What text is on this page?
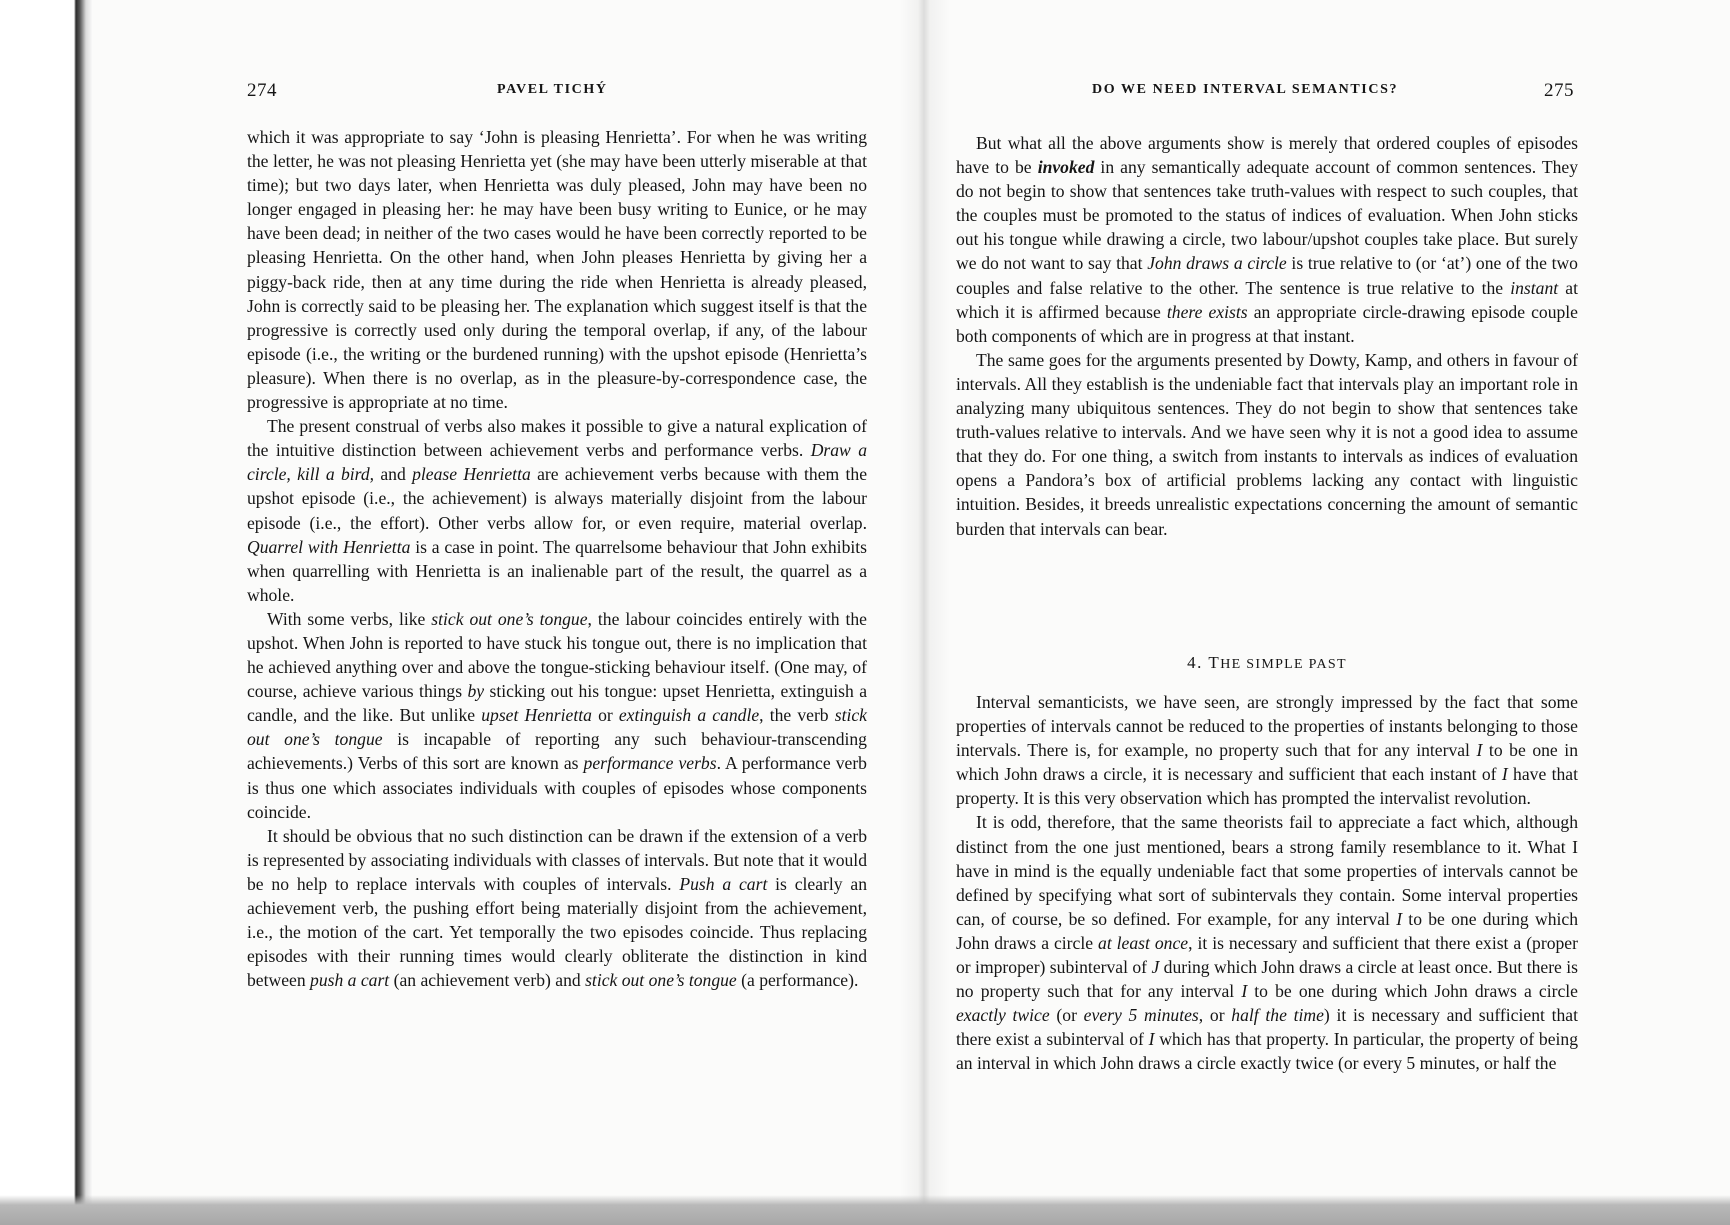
274	PAVEL TICHÝ

which it was appropriate to say ‘John is pleasing Henrietta’. For when he was writing the letter, he was not pleasing Henrietta yet (she may have been utterly miserable at that time); but two days later, when Henrietta was duly pleased, John may have been no longer engaged in pleasing her: he may have been busy writing to Eunice, or he may have been dead; in neither of the two cases would he have been correctly reported to be pleasing Henrietta. On the other hand, when John pleases Henrietta by giving her a piggy-back ride, then at any time during the ride when Henrietta is already pleased, John is correctly said to be pleasing her. The explanation which suggest itself is that the progressive is correctly used only during the temporal overlap, if any, of the labour episode (i.e., the writing or the burdened running) with the upshot episode (Henrietta’s pleasure). When there is no overlap, as in the pleasure-by-correspondence case, the progressive is appropriate at no time.

The present construal of verbs also makes it possible to give a natural explication of the intuitive distinction between achievement verbs and performance verbs. Draw a circle, kill a bird, and please Henrietta are achievement verbs because with them the upshot episode (i.e., the achievement) is always materially disjoint from the labour episode (i.e., the effort). Other verbs allow for, or even require, material overlap. Quarrel with Henrietta is a case in point. The quarrelsome behaviour that John exhibits when quarrelling with Henrietta is an inalienable part of the result, the quarrel as a whole.

With some verbs, like stick out one’s tongue, the labour coincides entirely with the upshot. When John is reported to have stuck his tongue out, there is no implication that he achieved anything over and above the tongue-sticking behaviour itself. (One may, of course, achieve various things by sticking out his tongue: upset Henrietta, extinguish a candle, and the like. But unlike upset Henrietta or extinguish a candle, the verb stick out one’s tongue is incapable of reporting any such behaviour-transcending achievements.) Verbs of this sort are known as performance verbs. A performance verb is thus one which associates individuals with couples of episodes whose components coincide.

It should be obvious that no such distinction can be drawn if the extension of a verb is represented by associating individuals with classes of intervals. But note that it would be no help to replace intervals with couples of intervals. Push a cart is clearly an achievement verb, the pushing effort being materially disjoint from the achievement, i.e., the motion of the cart. Yet temporally the two episodes coincide. Thus replacing episodes with their running times would clearly obliterate the distinction in kind between push a cart (an achievement verb) and stick out one’s tongue (a performance).

DO WE NEED INTERVAL SEMANTICS?	275

But what all the above arguments show is merely that ordered couples of episodes have to be invoked in any semantically adequate account of common sentences. They do not begin to show that sentences take truth-values with respect to such couples, that the couples must be promoted to the status of indices of evaluation. When John sticks out his tongue while drawing a circle, two labour/upshot couples take place. But surely we do not want to say that John draws a circle is true relative to (or ‘at’) one of the two couples and false relative to the other. The sentence is true relative to the instant at which it is affirmed because there exists an appropriate circle-drawing episode couple both components of which are in progress at that instant.

The same goes for the arguments presented by Dowty, Kamp, and others in favour of intervals. All they establish is the undeniable fact that intervals play an important role in analyzing many ubiquitous sentences. They do not begin to show that sentences take truth-values relative to intervals. And we have seen why it is not a good idea to assume that they do. For one thing, a switch from instants to intervals as indices of evaluation opens a Pandora’s box of artificial problems lacking any contact with linguistic intuition. Besides, it breeds unrealistic expectations concerning the amount of semantic burden that intervals can bear.

4. THE SIMPLE PAST

Interval semanticists, we have seen, are strongly impressed by the fact that some properties of intervals cannot be reduced to the properties of instants belonging to those intervals. There is, for example, no property such that for any interval I to be one in which John draws a circle, it is necessary and sufficient that each instant of I have that property. It is this very observation which has prompted the intervalist revolution.

It is odd, therefore, that the same theorists fail to appreciate a fact which, although distinct from the one just mentioned, bears a strong family resemblance to it. What I have in mind is the equally undeniable fact that some properties of intervals cannot be defined by specifying what sort of subintervals they contain. Some interval properties can, of course, be so defined. For example, for any interval I to be one during which John draws a circle at least once, it is necessary and sufficient that there exist a (proper or improper) subinterval of J during which John draws a circle at least once. But there is no property such that for any interval I to be one during which John draws a circle exactly twice (or every 5 minutes, or half the time) it is necessary and sufficient that there exist a subinterval of I which has that property. In particular, the property of being an interval in which John draws a circle exactly twice (or every 5 minutes, or half the
